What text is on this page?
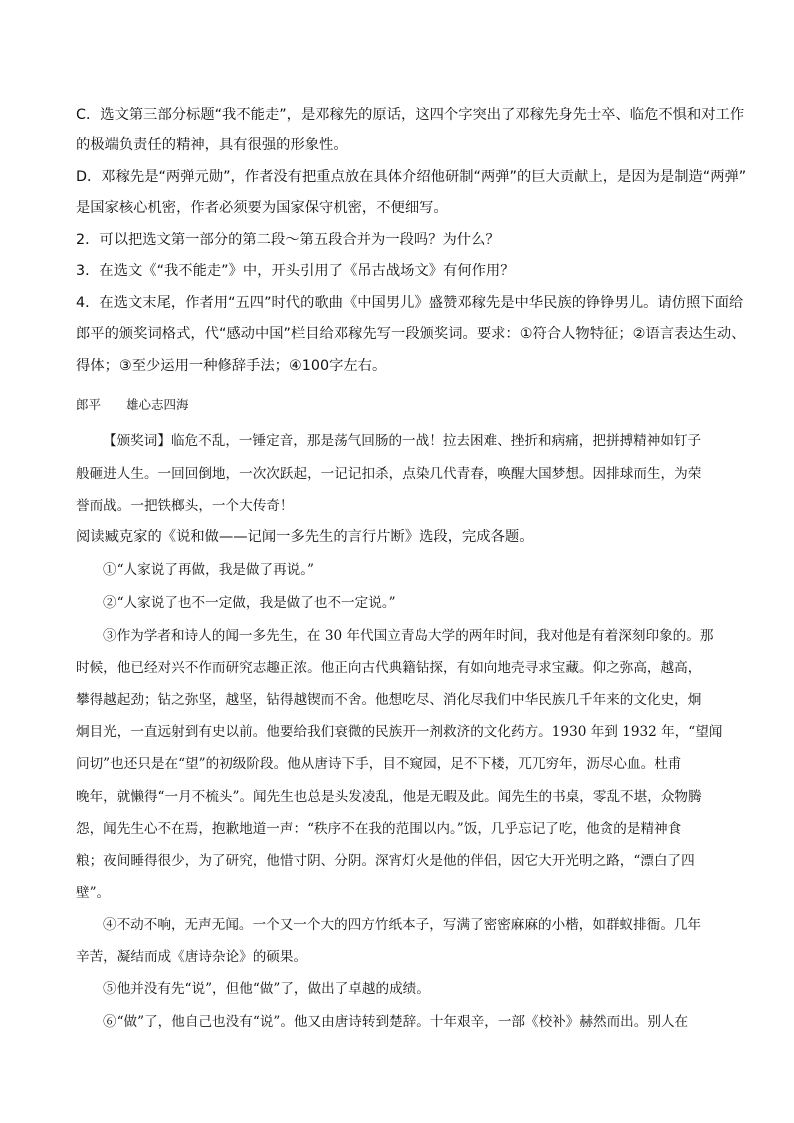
C．选文第三部分标题“我不能走”，是邓稼先的原话，这四个字突出了邓稼先身先士卒、临危不惧和对工作

的极端负责任的精神，具有很强的形象性。

D．邓稼先是“两弹元勋”，作者没有把重点放在具体介绍他研制“两弹”的巨大贡献上，是因为是制造“两弹”

是国家核心机密，作者必须要为国家保守机密，不便细写。

2．可以把选文第一部分的第二段～第五段合并为一段吗？为什么？

3．在选文《“我不能走”》中，开头引用了《吊古战场文》有何作用？

4．在选文末尾，作者用“五四”时代的歌曲《中国男儿》盛赞邓稼先是中华民族的铮铮男儿。请仿照下面给

郎平的颁奖词格式，代“感动中国”栏目给邓稼先写一段颁奖词。要求：①符合人物特征；②语言表达生动、

得体；③至少运用一种修辞手法；④100字左右。

郎平　　雄心志四海

【颁奖词】临危不乱，一锤定音，那是荡气回肠的一战！拉去困难、挫折和病痛，把拼搏精神如钉子

般砸进人生。一回回倒地，一次次跃起，一记记扣杀，点染几代青春，唤醒大国梦想。因排球而生，为荣

誉而战。一把铁榔头，一个大传奇！

阅读臧克家的《说和做——记闻一多先生的言行片断》选段，完成各题。

①“人家说了再做，我是做了再说。”

②“人家说了也不一定做，我是做了也不一定说。”

③作为学者和诗人的闻一多先生，在 30 年代国立青岛大学的两年时间，我对他是有着深刻印象的。那

时候，他已经对兴不作而研究志趣正浓。他正向古代典籍钻探，有如向地壳寻求宝藏。仰之弥高，越高，

攀得越起劲；钻之弥坚，越坚，钻得越锲而不舍。他想吃尽、消化尽我们中华民族几千年来的文化史，炯

炯目光，一直远射到有史以前。他要给我们衰微的民族开一剂救济的文化药方。1930 年到 1932 年，“望闻

问切”也还只是在“望”的初级阶段。他从唐诗下手，目不窥园，足不下楼，兀兀穷年，沥尽心血。杜甫

晚年，就懒得“一月不梳头”。闻先生也总是头发凌乱，他是无暇及此。闻先生的书桌，零乱不堪，众物腾

怨，闻先生心不在焉，抱歉地道一声：“秩序不在我的范围以内。”饭，几乎忘记了吃，他贪的是精神食

粮；夜间睡得很少，为了研究，他惜寸阴、分阴。深宵灯火是他的伴侣，因它大开光明之路，“漂白了四

壁”。

④不动不响，无声无闻。一个又一个大的四方竹纸本子，写满了密密麻麻的小楷，如群蚁排衙。几年

辛苦，凝结而成《唐诗杂论》的硕果。

⑤他并没有先“说”，但他“做”了，做出了卓越的成绩。

⑥“做”了，他自己也没有“说”。他又由唐诗转到楚辞。十年艰辛，一部《校补》赫然而出。别人在
